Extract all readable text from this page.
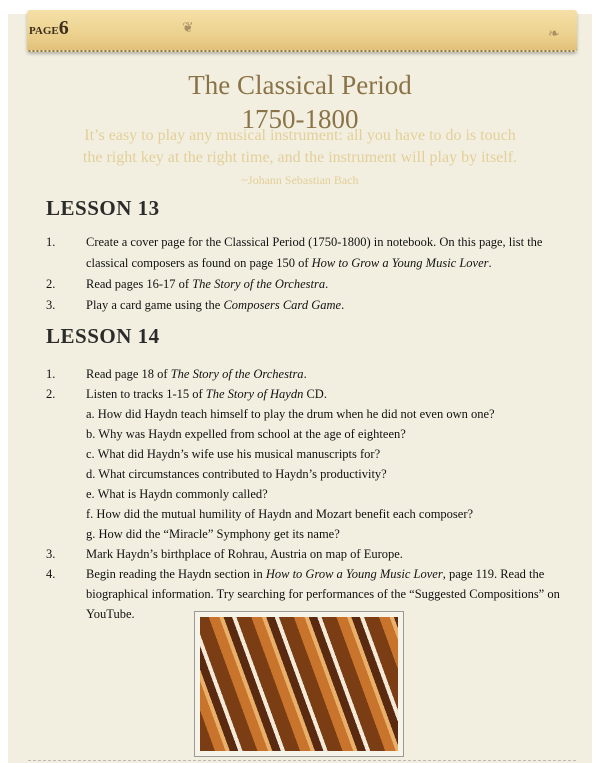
PAGE6	❦	❧
The Classical Period
1750-1800
It’s easy to play any musical instrument: all you have to do is touch
the right key at the right time, and the instrument will play by itself.
~Johann Sebastian Bach
LESSON 13
1. Create a cover page for the Classical Period (1750-1800) in notebook. On this page, list the classical composers as found on page 150 of How to Grow a Young Music Lover.
2. Read pages 16-17 of The Story of the Orchestra.
3. Play a card game using the Composers Card Game.
LESSON 14
1. Read page 18 of The Story of the Orchestra.
2. Listen to tracks 1-15 of The Story of Haydn CD.
a. How did Haydn teach himself to play the drum when he did not even own one?
b. Why was Haydn expelled from school at the age of eighteen?
c. What did Haydn’s wife use his musical manuscripts for?
d. What circumstances contributed to Haydn’s productivity?
e. What is Haydn commonly called?
f. How did the mutual humility of Haydn and Mozart benefit each composer?
g. How did the “Miracle” Symphony get its name?
3. Mark Haydn’s birthplace of Rohrau, Austria on map of Europe.
4. Begin reading the Haydn section in How to Grow a Young Music Lover, page 119. Read the biographical information. Try searching for performances of the “Suggested Compositions” on YouTube.
